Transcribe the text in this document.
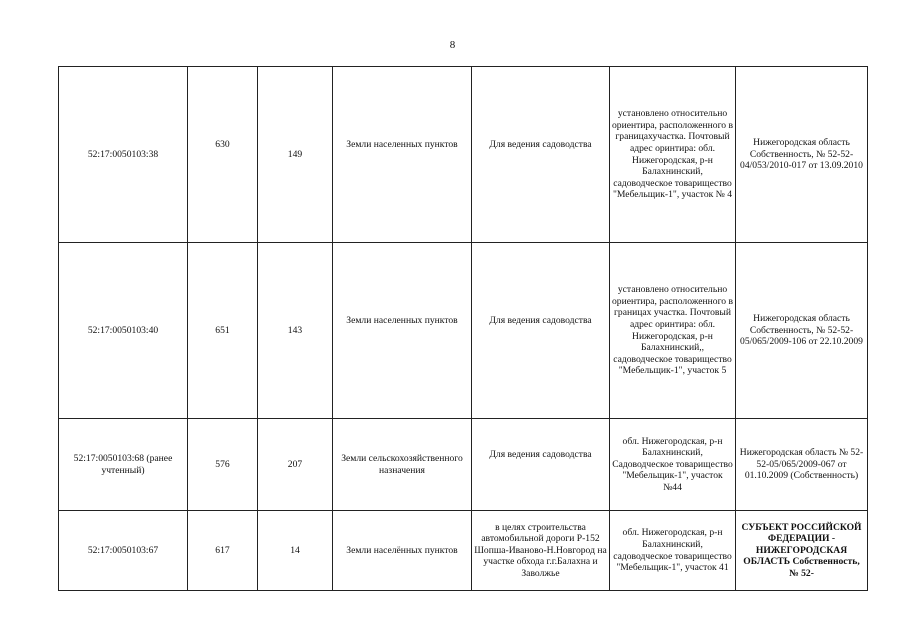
8
52:17:0050103:38	630	149	Земли населенных пунктов	Для ведения садоводства	установлено относительно ориентира, расположенного в границахучастка. Почтовый адрес оринтира: обл. Нижегородская, р-н Балахнинский, садоводческое товарищество "Мебельщик-1", участок № 4	Нижегородская область Собственность, № 52-52-04/053/2010-017 от 13.09.2010
52:17:0050103:40	651	143	Земли населенных пунктов	Для ведения садоводства	установлено относительно ориентира, расположенного в границах участка. Почтовый адрес оринтира: обл. Нижегородская, р-н Балахнинский,, садоводческое товарищество "Мебельщик-1", участок 5	Нижегородская область Собственность, № 52-52-05/065/2009-106 от 22.10.2009
52:17:0050103:68 (ранее учтенный)	576	207	Земли сельскохозяйственного назначения	Для ведения садоводства	обл. Нижегородская, р-н Балахнинский, Садоводческое товарищество "Мебельщик-1", участок №44	Нижегородская область № 52-52-05/065/2009-067 от 01.10.2009 (Собственность)
52:17:0050103:67	617	14	Земли населённых пунктов	в целях строительства автомобильной дороги Р-152 Шопша-Иваново-Н.Новгород на участке обхода г.г.Балахна и Заволжье	обл. Нижегородская, р-н Балахнинский, садоводческое товарищество "Мебельщик-1", участок 41	СУБЪЕКТ РОССИЙСКОЙ ФЕДЕРАЦИИ - НИЖЕГОРОДСКАЯ ОБЛАСТЬ Собственность, № 52-
